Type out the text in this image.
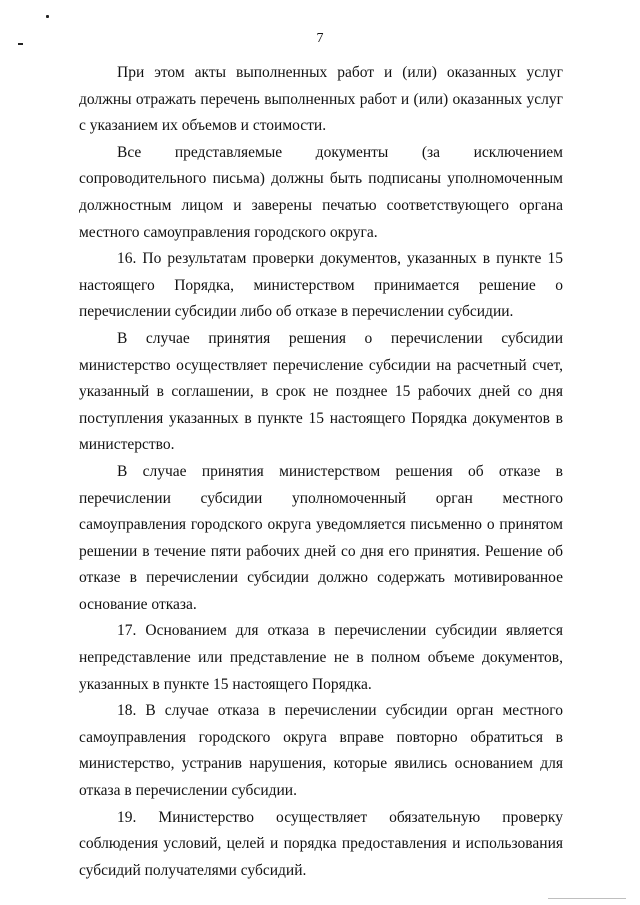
7

При этом акты выполненных работ и (или) оказанных услуг должны отражать перечень выполненных работ и (или) оказанных услуг с указанием их объемов и стоимости.

Все представляемые документы (за исключением сопроводительного письма) должны быть подписаны уполномоченным должностным лицом и заверены печатью соответствующего органа местного самоуправления городского округа.

16. По результатам проверки документов, указанных в пункте 15 настоящего Порядка, министерством принимается решение о перечислении субсидии либо об отказе в перечислении субсидии.

В случае принятия решения о перечислении субсидии министерство осуществляет перечисление субсидии на расчетный счет, указанный в соглашении, в срок не позднее 15 рабочих дней со дня поступления указанных в пункте 15 настоящего Порядка документов в министерство.

В случае принятия министерством решения об отказе в перечислении субсидии уполномоченный орган местного самоуправления городского округа уведомляется письменно о принятом решении в течение пяти рабочих дней со дня его принятия. Решение об отказе в перечислении субсидии должно содержать мотивированное основание отказа.

17. Основанием для отказа в перечислении субсидии является непредставление или представление не в полном объеме документов, указанных в пункте 15 настоящего Порядка.

18. В случае отказа в перечислении субсидии орган местного самоуправления городского округа вправе повторно обратиться в министерство, устранив нарушения, которые явились основанием для отказа в перечислении субсидии.

19. Министерство осуществляет обязательную проверку соблюдения условий, целей и порядка предоставления и использования субсидий получателями субсидий.
